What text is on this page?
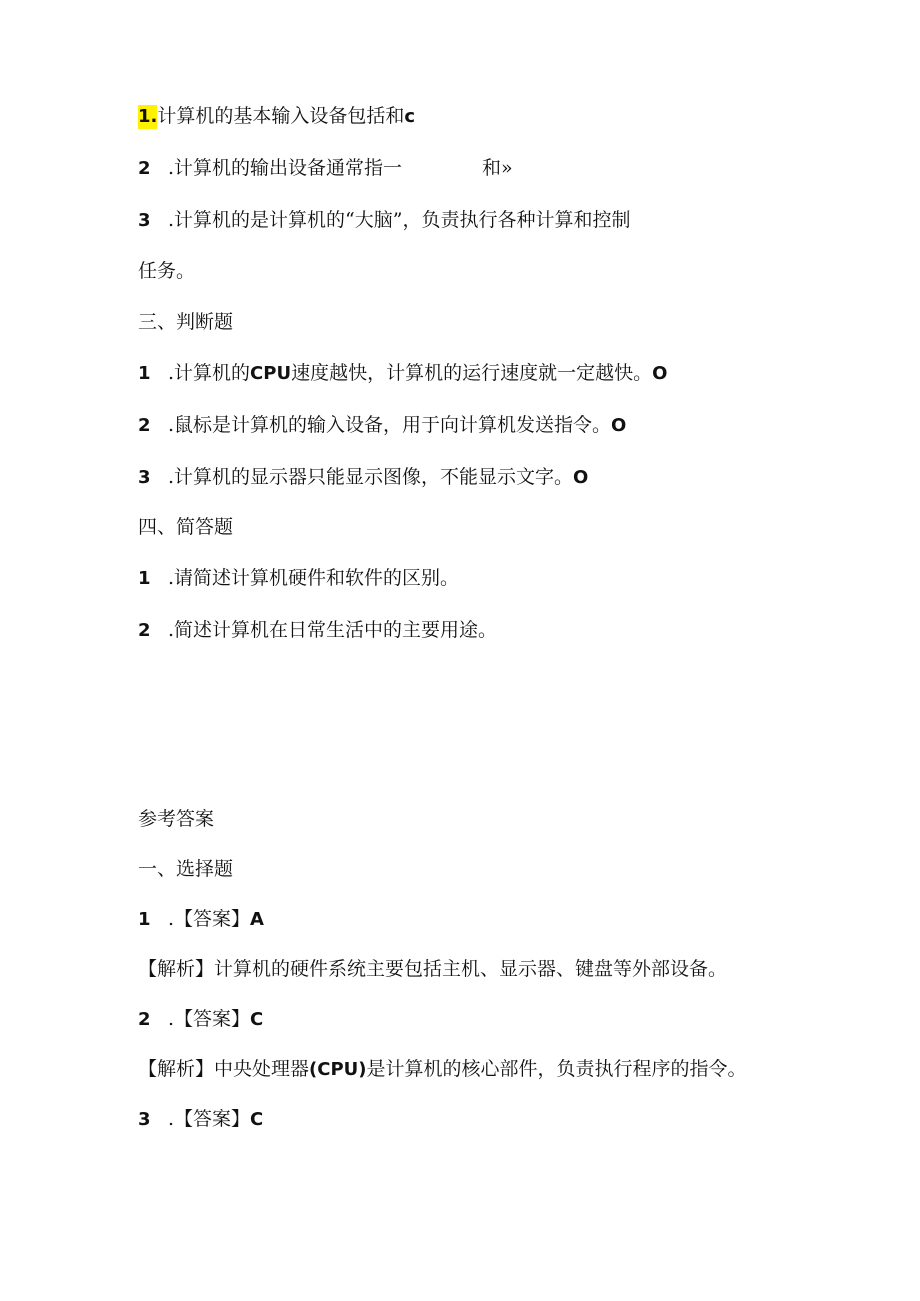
1.计算机的基本输入设备包括和c
2 .计算机的输出设备通常指一	和»
3 .计算机的是计算机的“大脑”，负责执行各种计算和控制
任务。
三、判断题
1 .计算机的CPU速度越快，计算机的运行速度就一定越快。O
2 .鼠标是计算机的输入设备，用于向计算机发送指令。O
3 .计算机的显示器只能显示图像，不能显示文字。O
四、简答题
1 .请简述计算机硬件和软件的区别。
2 .简述计算机在日常生活中的主要用途。
参考答案
一、选择题
1 .【答案】A
【解析】计算机的硬件系统主要包括主机、显示器、键盘等外部设备。
2 .【答案】C
【解析】中央处理器(CPU)是计算机的核心部件，负责执行程序的指令。
3 .【答案】C
